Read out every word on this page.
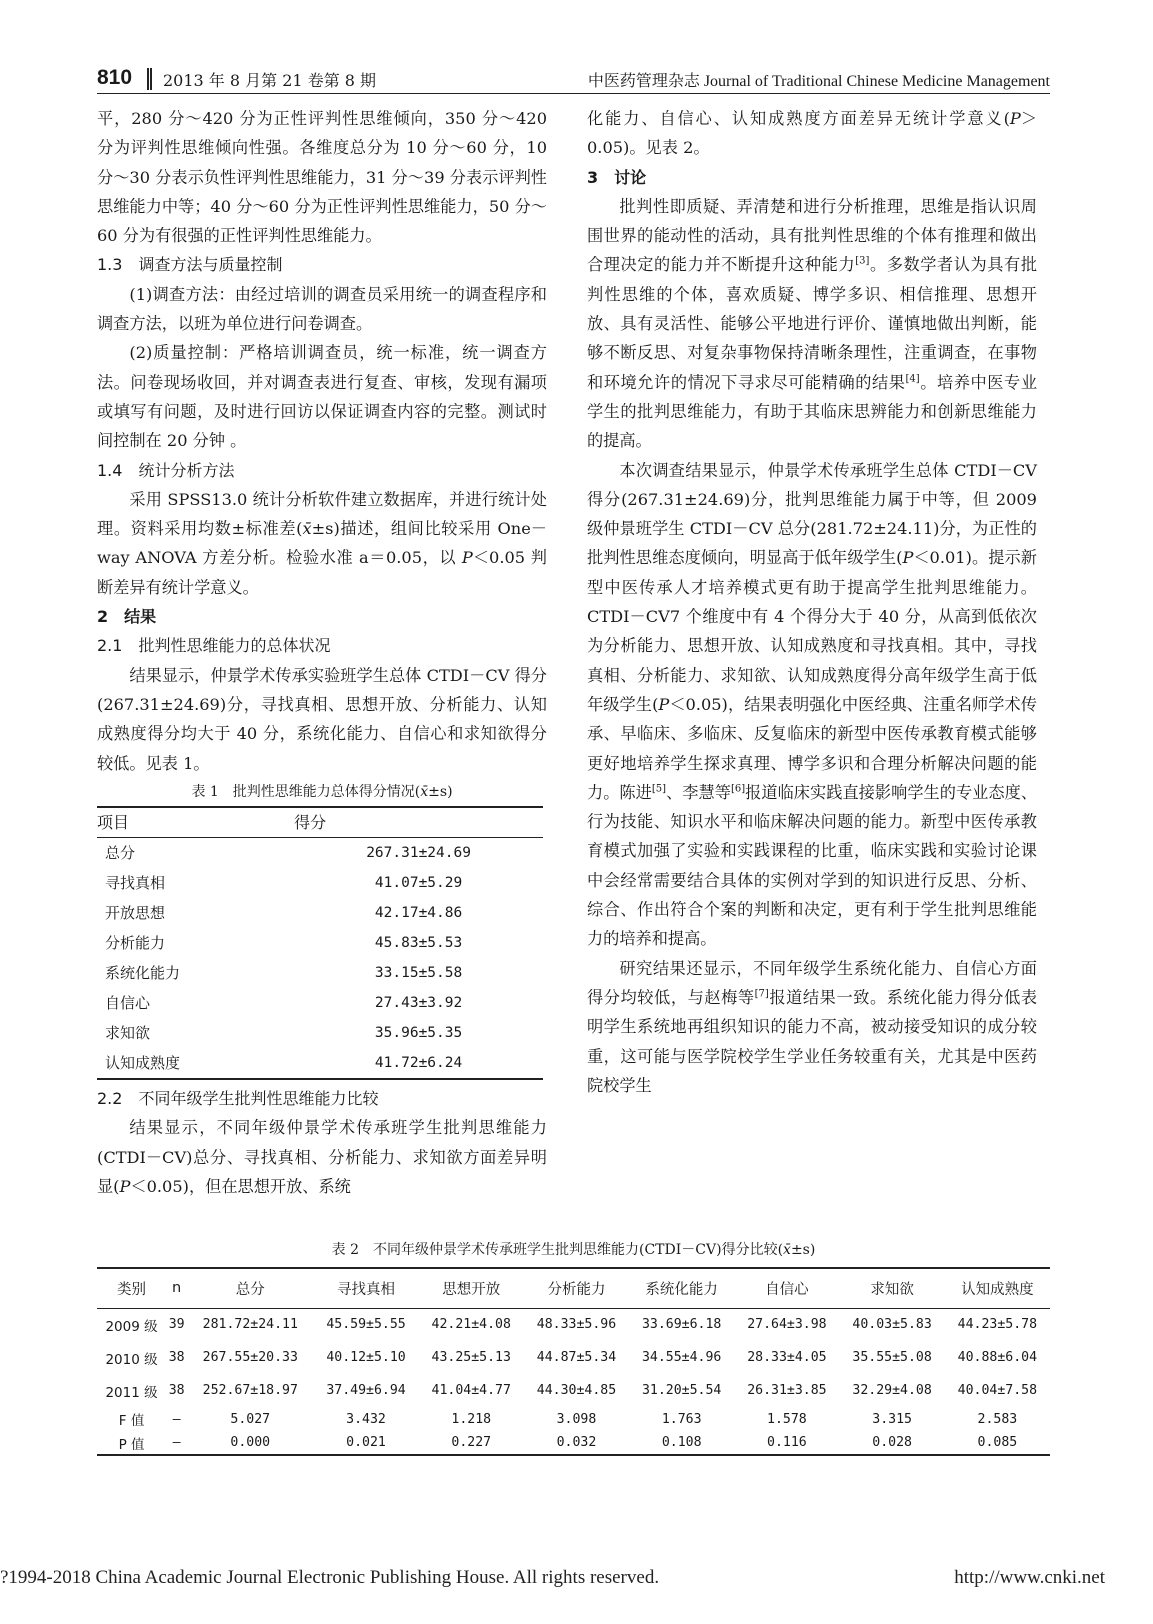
810 2013 年 8 月第 21 卷第 8 期	中医药管理杂志 Journal of Traditional Chinese Medicine Management

平，280 分～420 分为正性评判性思维倾向，350 分～420 分为评判性思维倾向性强。各维度总分为 10 分～60 分，10 分～30 分表示负性评判性思维能力，31 分～39 分表示评判性思维能力中等；40 分～60 分为正性评判性思维能力，50 分～60 分为有很强的正性评判性思维能力。

1.3　调查方法与质量控制

(1)调查方法：由经过培训的调查员采用统一的调查程序和调查方法，以班为单位进行问卷调查。

(2)质量控制：严格培训调查员，统一标准，统一调查方法。问卷现场收回，并对调查表进行复查、审核，发现有漏项或填写有问题，及时进行回访以保证调查内容的完整。测试时间控制在 20 分钟 。

1.4　统计分析方法

采用 SPSS13.0 统计分析软件建立数据库，并进行统计处理。资料采用均数±标准差(x̄±s)描述，组间比较采用 One－way ANOVA 方差分析。检验水准 a＝0.05，以 P＜0.05 判断差异有统计学意义。

2　结果

2.1　批判性思维能力的总体状况

结果显示，仲景学术传承实验班学生总体 CTDI－CV 得分(267.31±24.69)分，寻找真相、思想开放、分析能力、认知成熟度得分均大于 40 分，系统化能力、自信心和求知欲得分较低。见表 1。

表 1　批判性思维能力总体得分情况(x̄±s)
项目	得分
总分	267.31±24.69
寻找真相	41.07±5.29
开放思想	42.17±4.86
分析能力	45.83±5.53
系统化能力	33.15±5.58
自信心	27.43±3.92
求知欲	35.96±5.35
认知成熟度	41.72±6.24

2.2　不同年级学生批判性思维能力比较

结果显示，不同年级仲景学术传承班学生批判思维能力(CTDI－CV)总分、寻找真相、分析能力、求知欲方面差异明显(P＜0.05)，但在思想开放、系统

化能力、自信心、认知成熟度方面差异无统计学意义(P＞0.05)。见表 2。

3　讨论

批判性即质疑、弄清楚和进行分析推理，思维是指认识周围世界的能动性的活动，具有批判性思维的个体有推理和做出合理决定的能力并不断提升这种能力[3]。多数学者认为具有批判性思维的个体，喜欢质疑、博学多识、相信推理、思想开放、具有灵活性、能够公平地进行评价、谨慎地做出判断，能够不断反思、对复杂事物保持清晰条理性，注重调查，在事物和环境允许的情况下寻求尽可能精确的结果[4]。培养中医专业学生的批判思维能力，有助于其临床思辨能力和创新思维能力的提高。

本次调查结果显示，仲景学术传承班学生总体 CTDI－CV 得分(267.31±24.69)分，批判思维能力属于中等，但 2009 级仲景班学生 CTDI－CV 总分(281.72±24.11)分，为正性的批判性思维态度倾向，明显高于低年级学生(P＜0.01)。提示新型中医传承人才培养模式更有助于提高学生批判思维能力。CTDI－CV7 个维度中有 4 个得分大于 40 分，从高到低依次为分析能力、思想开放、认知成熟度和寻找真相。其中，寻找真相、分析能力、求知欲、认知成熟度得分高年级学生高于低年级学生(P＜0.05)，结果表明强化中医经典、注重名师学术传承、早临床、多临床、反复临床的新型中医传承教育模式能够更好地培养学生探求真理、博学多识和合理分析解决问题的能力。陈进[5]、李慧等[6]报道临床实践直接影响学生的专业态度、行为技能、知识水平和临床解决问题的能力。新型中医传承教育模式加强了实验和实践课程的比重，临床实践和实验讨论课中会经常需要结合具体的实例对学到的知识进行反思、分析、综合、作出符合个案的判断和决定，更有利于学生批判思维能力的培养和提高。

研究结果还显示，不同年级学生系统化能力、自信心方面得分均较低，与赵梅等[7]报道结果一致。系统化能力得分低表明学生系统地再组织知识的能力不高，被动接受知识的成分较重，这可能与医学院校学生学业任务较重有关，尤其是中医药院校学生

表 2　不同年级仲景学术传承班学生批判思维能力(CTDI－CV)得分比较(x̄±s)
类别	n	总分	寻找真相	思想开放	分析能力	系统化能力	自信心	求知欲	认知成熟度
2009 级	39	281.72±24.11	45.59±5.55	42.21±4.08	48.33±5.96	33.69±6.18	27.64±3.98	40.03±5.83	44.23±5.78
2010 级	38	267.55±20.33	40.12±5.10	43.25±5.13	44.87±5.34	34.55±4.96	28.33±4.05	35.55±5.08	40.88±6.04
2011 级	38	252.67±18.97	37.49±6.94	41.04±4.77	44.30±4.85	31.20±5.54	26.31±3.85	32.29±4.08	40.04±7.58
F 值	—	5.027	3.432	1.218	3.098	1.763	1.578	3.315	2.583
P 值	—	0.000	0.021	0.227	0.032	0.108	0.116	0.028	0.085
?1994-2018 China Academic Journal Electronic Publishing House. All rights reserved.	http://www.cnki.net
